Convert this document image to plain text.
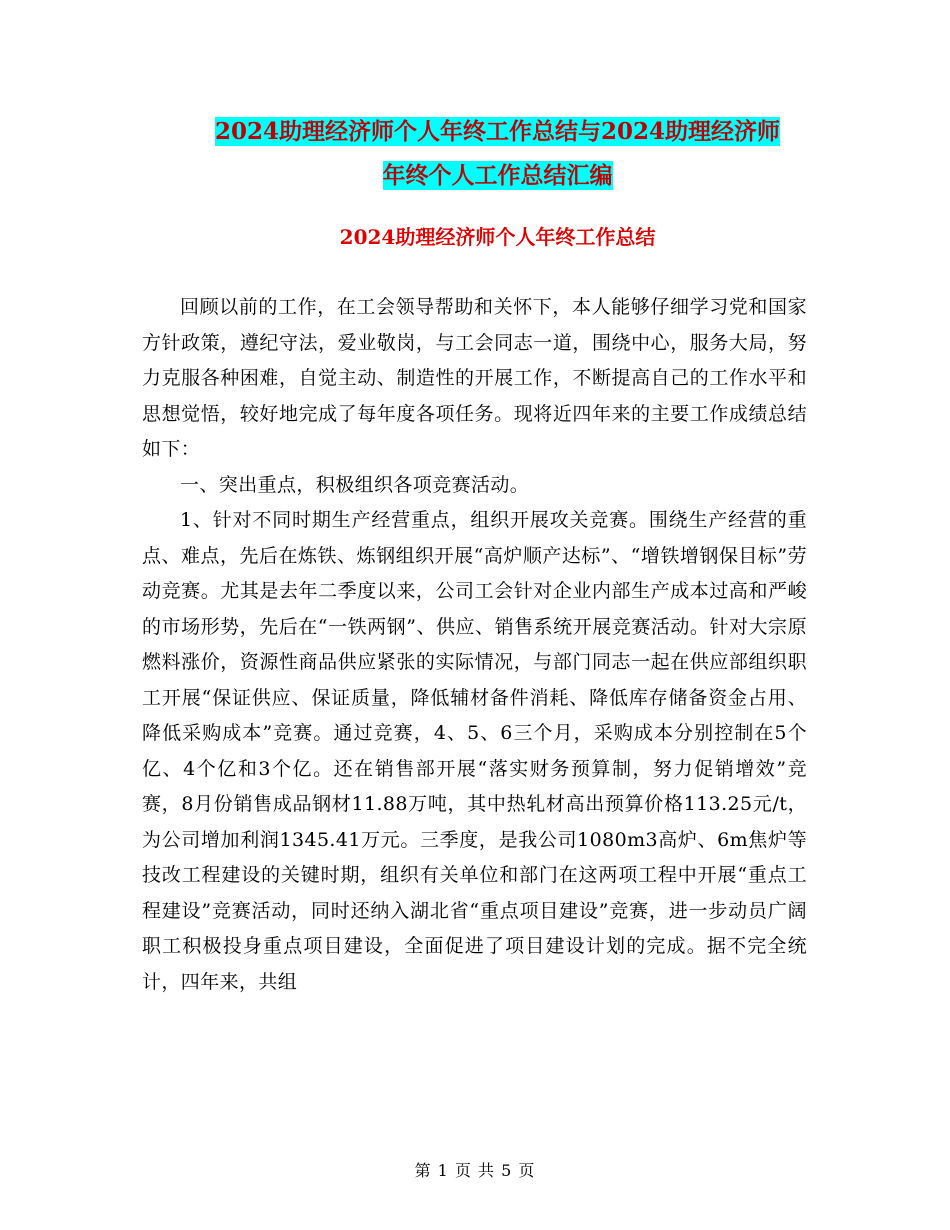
2024助理经济师个人年终工作总结与2024助理经济师
年终个人工作总结汇编
2024助理经济师个人年终工作总结

回顾以前的工作，在工会领导帮助和关怀下，本人能够仔细学习党和国家方针政策，遵纪守法，爱业敬岗，与工会同志一道，围绕中心，服务大局，努力克服各种困难，自觉主动、制造性的开展工作，不断提高自己的工作水平和思想觉悟，较好地完成了每年度各项任务。现将近四年来的主要工作成绩总结如下：

一、突出重点，积极组织各项竞赛活动。

1、针对不同时期生产经营重点，组织开展攻关竞赛。围绕生产经营的重点、难点，先后在炼铁、炼钢组织开展“高炉顺产达标”、“增铁增钢保目标”劳动竞赛。尤其是去年二季度以来，公司工会针对企业内部生产成本过高和严峻的市场形势，先后在“一铁两钢”、供应、销售系统开展竞赛活动。针对大宗原燃料涨价，资源性商品供应紧张的实际情况，与部门同志一起在供应部组织职工开展“保证供应、保证质量，降低辅材备件消耗、降低库存储备资金占用、降低采购成本”竞赛。通过竞赛，4、5、6三个月，采购成本分别控制在5个亿、4个亿和3个亿。还在销售部开展“落实财务预算制，努力促销增效”竞赛，8月份销售成品钢材11.88万吨，其中热轧材高出预算价格113.25元/t，为公司增加利润1345.41万元。三季度，是我公司1080m3高炉、6m焦炉等技改工程建设的关键时期，组织有关单位和部门在这两项工程中开展“重点工程建设”竞赛活动，同时还纳入湖北省“重点项目建设”竞赛，进一步动员广阔职工积极投身重点项目建设，全面促进了项目建设计划的完成。据不完全统计，四年来，共组

第 1 页 共 5 页
